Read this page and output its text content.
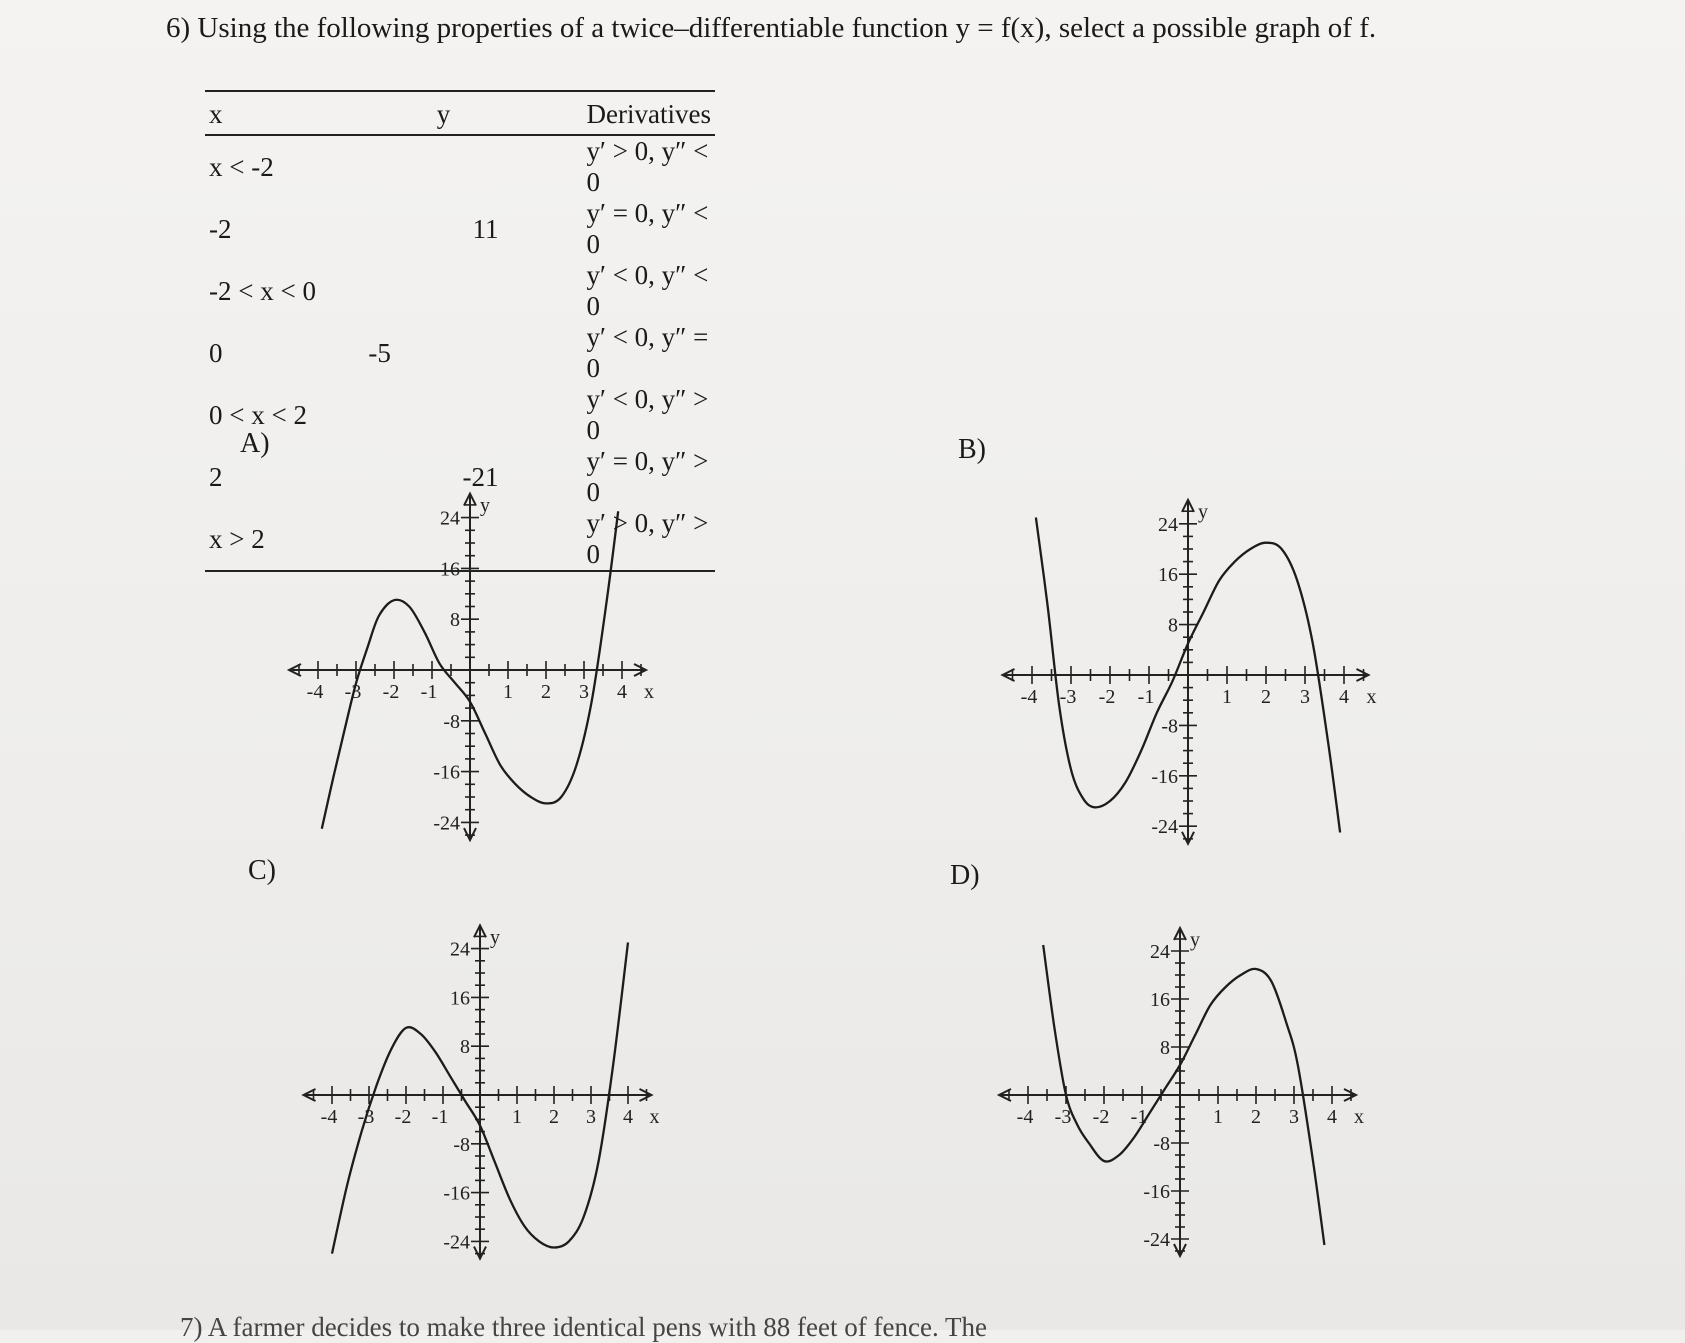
6) Using the following properties of a twice–differentiable function y = f(x), select a possible graph of f.
x	y	Derivatives
x < -2		y′ > 0, y″ < 0
-2	11	y′ = 0, y″ < 0
-2 < x < 0		y′ < 0, y″ < 0
0	-5	y′ < 0, y″ = 0
0 < x < 2		y′ < 0, y″ > 0
2	-21	y′ = 0, y″ > 0
x > 2		y′ > 0, y″ > 0
A)	B)
C)	D)
-4 -3 -2 -1	1 2 3 4 x
24
16
8
-8
-16
-24
y
-4 -3 -2 -1	1 2 3 4 x
24
16
8
-8
-16
-24
y
-4 -3 -2 -1	1 2 3 4 x
24
16
8
-8
-16
-24
y
-4 -3 -2 -1	1 2 3 4 x
24
16
8
-8
-16
-24
y
7) A farmer decides to make three identical pens with 88 feet of fence. The
